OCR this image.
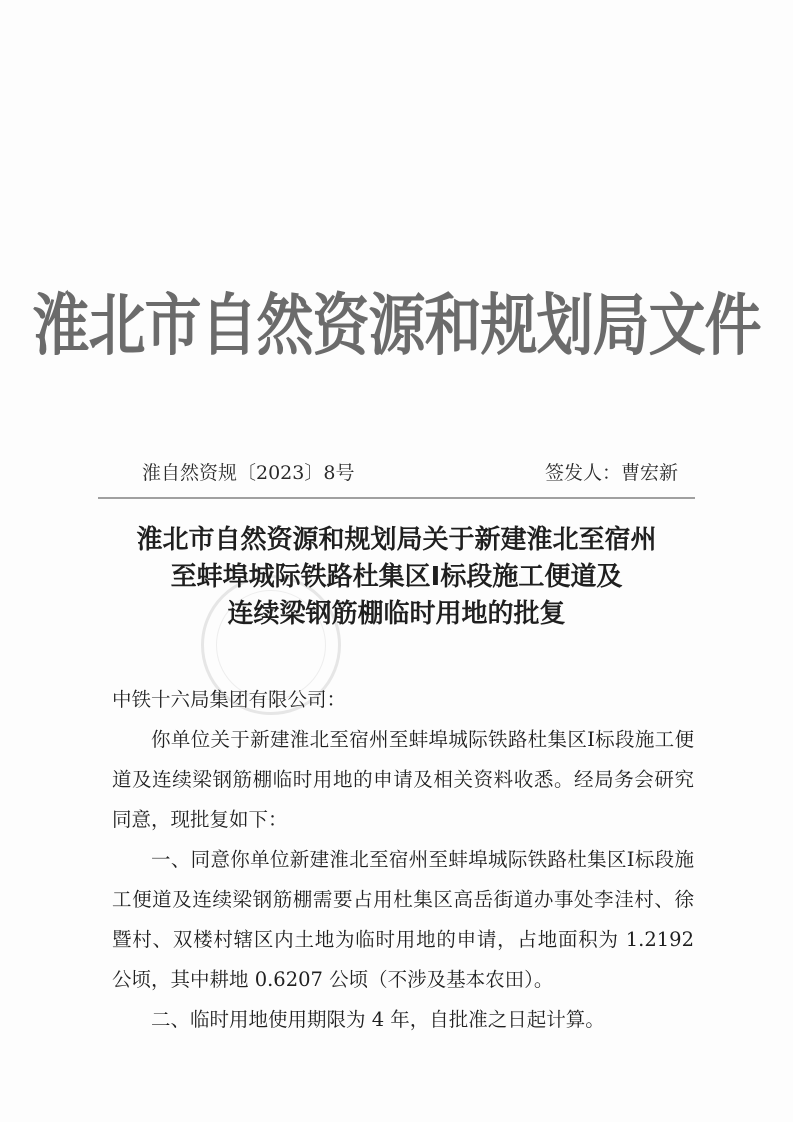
淮北市自然资源和规划局文件
淮自然资规〔2023〕8号	签发人：曹宏新
淮北市自然资源和规划局关于新建淮北至宿州
至蚌埠城际铁路杜集区Ⅰ标段施工便道及
连续梁钢筋棚临时用地的批复
中铁十六局集团有限公司：
你单位关于新建淮北至宿州至蚌埠城际铁路杜集区I标段施工便道及连续梁钢筋棚临时用地的申请及相关资料收悉。经局务会研究同意，现批复如下：
一、同意你单位新建淮北至宿州至蚌埠城际铁路杜集区I标段施工便道及连续梁钢筋棚需要占用杜集区高岳街道办事处李洼村、徐暨村、双楼村辖区内土地为临时用地的申请，占地面积为 1.2192 公顷，其中耕地 0.6207 公顷（不涉及基本农田）。
二、临时用地使用期限为 4 年，自批准之日起计算。
